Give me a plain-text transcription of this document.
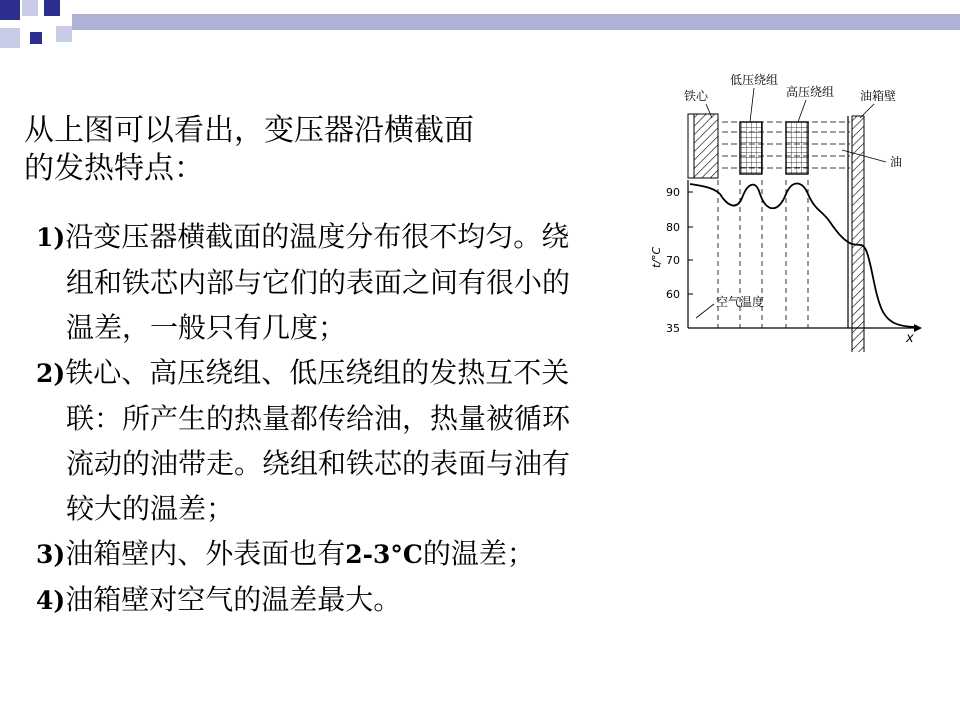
从上图可以看出，变压器沿横截面
的发热特点：
1)沿变压器横截面的温度分布很不均匀。绕
组和铁芯内部与它们的表面之间有很小的
温差，一般只有几度；
2)铁心、高压绕组、低压绕组的发热互不关
联：所产生的热量都传给油，热量被循环
流动的油带走。绕组和铁芯的表面与油有
较大的温差；
3)油箱壁内、外表面也有2-3°C的温差；
4)油箱壁对空气的温差最大。
铁心
低压绕组
高压绕组 油箱壁
油
空气温度
x
t/°C
90
80
70
60
35
